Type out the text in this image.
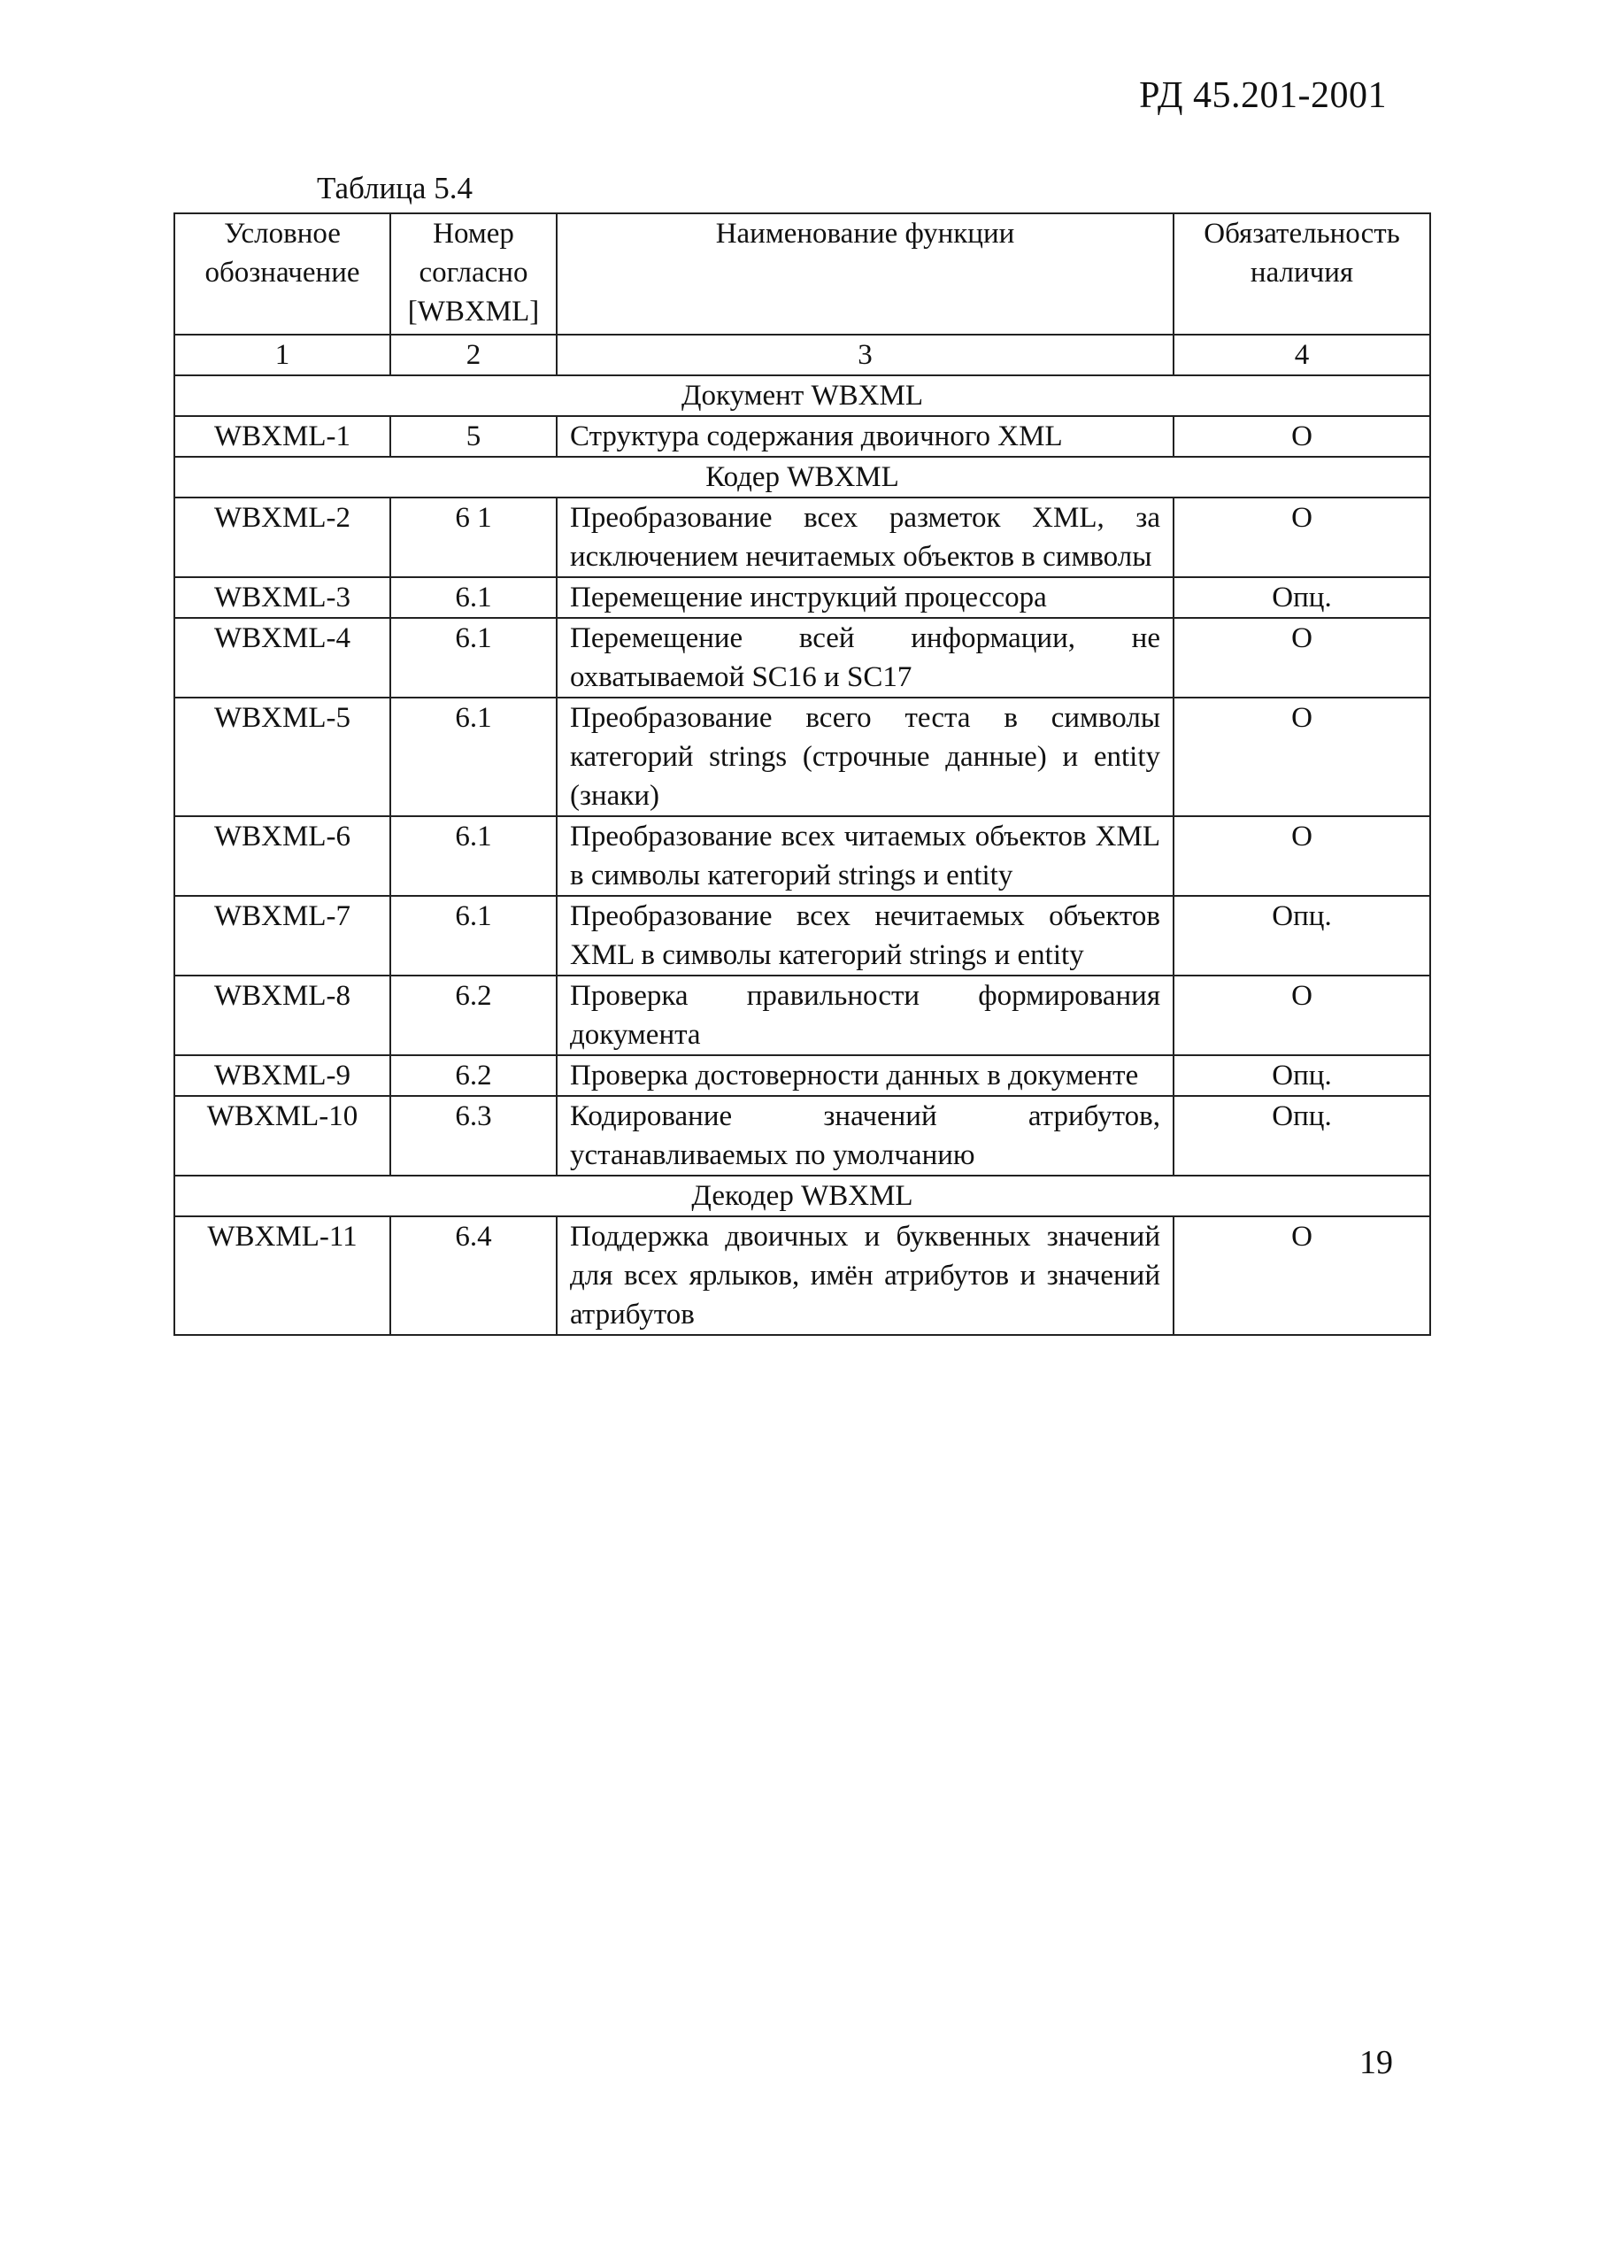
РД 45.201-2001
Таблица 5.4
Условное обозначение	Номер согласно [WBXML]	Наименование функции	Обязательность наличия
1	2	3	4
Документ WBXML			
WBXML-1	5	Структура содержания двоичного XML	О
Кодер WBXML			
WBXML-2	6 1	Преобразование всех разметок XML, за исключением нечитаемых объектов в символы	О
WBXML-3	6.1	Перемещение инструкций процессора	Опц.
WBXML-4	6.1	Перемещение всей информации, не охватываемой SC16 и SC17	О
WBXML-5	6.1	Преобразование всего теста в символы категорий strings (строчные данные) и entity (знаки)	О
WBXML-6	6.1	Преобразование всех читаемых объектов XML в символы категорий strings и entity	О
WBXML-7	6.1	Преобразование всех нечитаемых объектов XML в символы категорий strings и entity	Опц.
WBXML-8	6.2	Проверка правильности формирования документа	О
WBXML-9	6.2	Проверка достоверности данных в документе	Опц.
WBXML-10	6.3	Кодирование значений атрибутов, устанавливаемых по умолчанию	Опц.
Декодер WBXML			
WBXML-11	6.4	Поддержка двоичных и буквенных значений для всех ярлыков, имён атрибутов и значений атрибутов	О
19
